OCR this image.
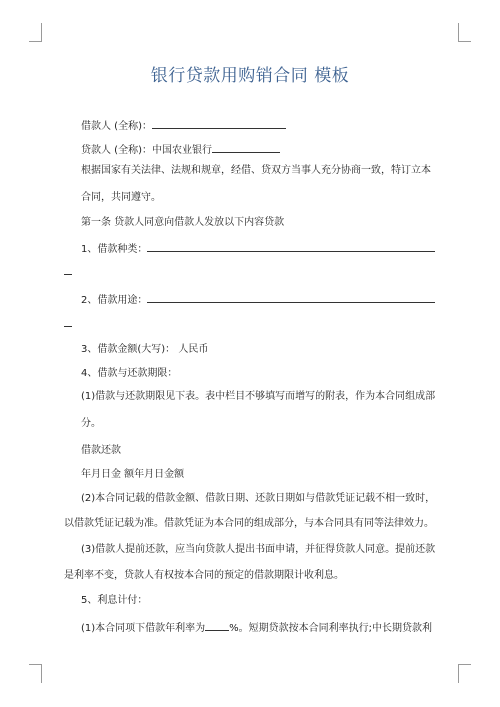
银行贷款用购销合同 模板
借款人 (全称)：
贷款人 (全称)：中国农业银行
根据国家有关法律、法规和规章，经借、贷双方当事人充分协商一致，特订立本合同，共同遵守。
第一条 贷款人同意向借款人发放以下内容贷款
1、借款种类：
2、借款用途：
3、借款金额(大写)： 人民币
4、借款与还款期限：
(1)借款与还款期限见下表。表中栏目不够填写而增写的附表，作为本合同组成部分。
借款还款
年月日金 额年月日金额
(2)本合同记载的借款金额、借款日期、还款日期如与借款凭证记载不相一致时，
以借款凭证记载为准。借款凭证为本合同的组成部分，与本合同具有同等法律效力。
(3)借款人提前还款，应当向贷款人提出书面申请，并征得贷款人同意。提前还款
是利率不变，贷款人有权按本合同的预定的借款期限计收利息。
5、利息计付：
(1)本合同项下借款年利率为 %。短期贷款按本合同利率执行;中长期贷款利
